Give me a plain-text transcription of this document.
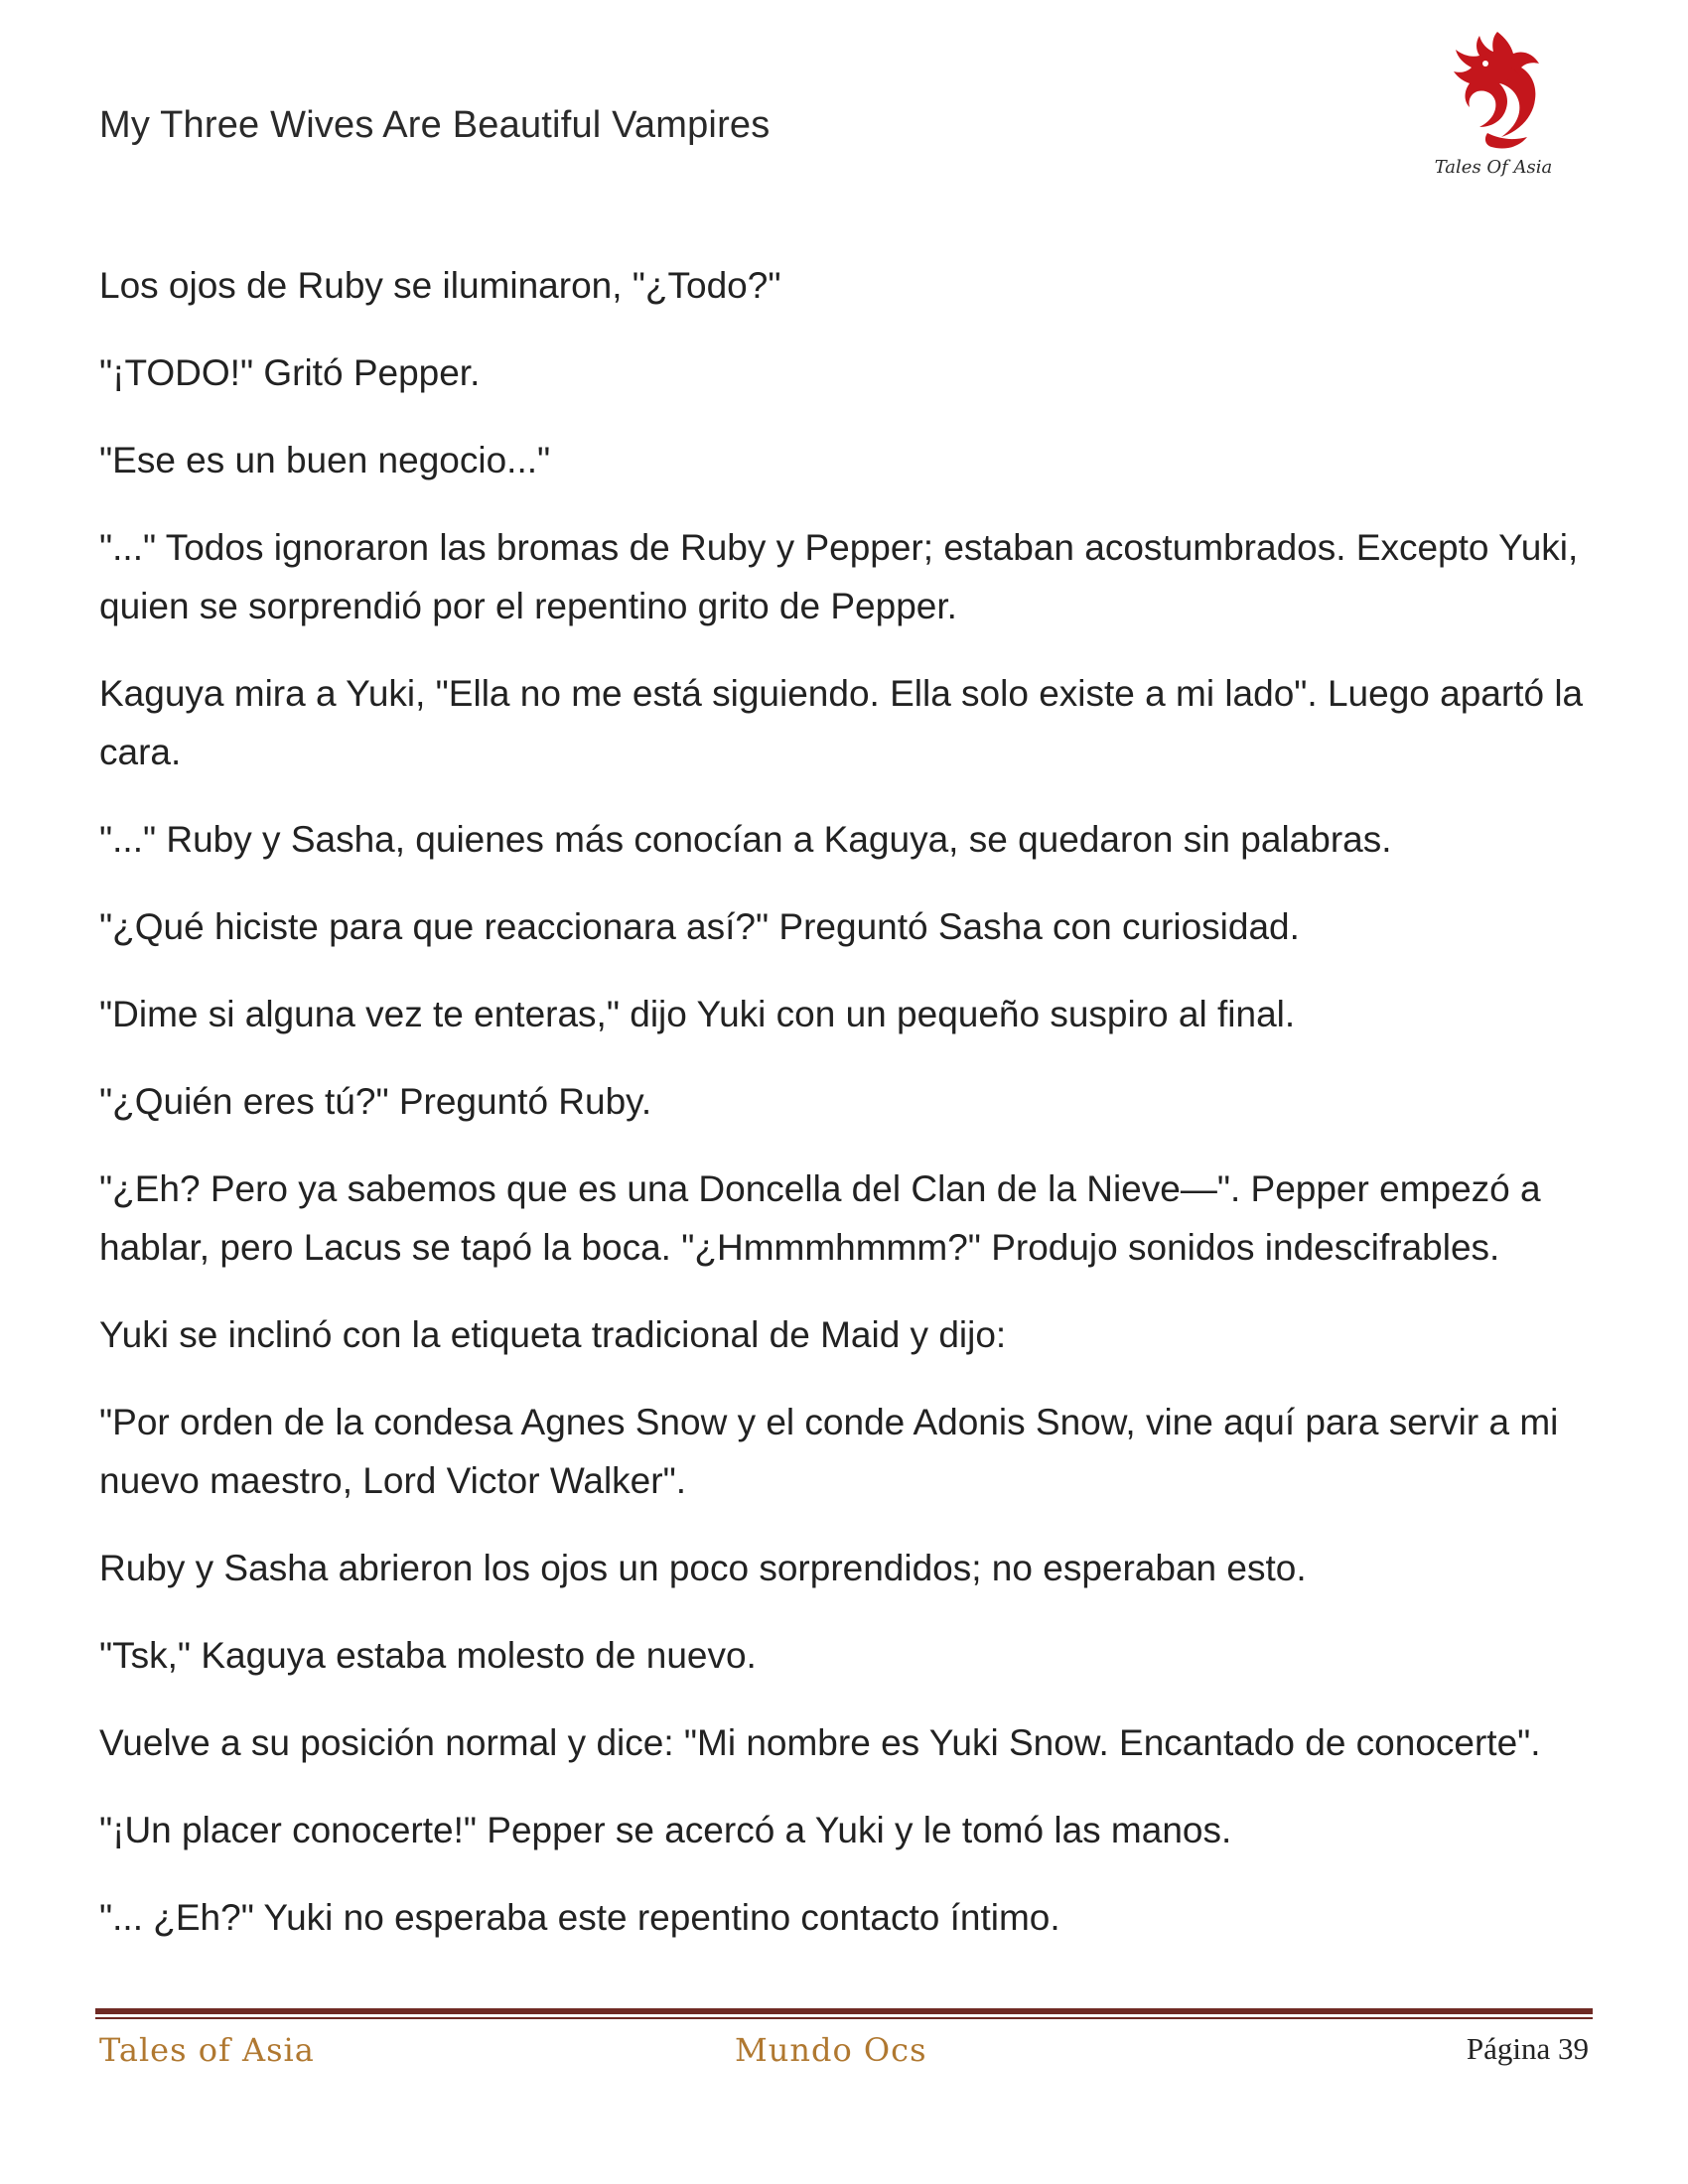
My Three Wives Are Beautiful Vampires
Tales Of Asia

Los ojos de Ruby se iluminaron, "¿Todo?"

"¡TODO!" Gritó Pepper.

"Ese es un buen negocio..."

"..." Todos ignoraron las bromas de Ruby y Pepper; estaban acostumbrados. Excepto Yuki, quien se sorprendió por el repentino grito de Pepper.

Kaguya mira a Yuki, "Ella no me está siguiendo. Ella solo existe a mi lado". Luego apartó la cara.

"..." Ruby y Sasha, quienes más conocían a Kaguya, se quedaron sin palabras.

"¿Qué hiciste para que reaccionara así?" Preguntó Sasha con curiosidad.

"Dime si alguna vez te enteras," dijo Yuki con un pequeño suspiro al final.

"¿Quién eres tú?" Preguntó Ruby.

"¿Eh? Pero ya sabemos que es una Doncella del Clan de la Nieve—". Pepper empezó a hablar, pero Lacus se tapó la boca. "¿Hmmmhmmm?" Produjo sonidos indescifrables.

Yuki se inclinó con la etiqueta tradicional de Maid y dijo:

"Por orden de la condesa Agnes Snow y el conde Adonis Snow, vine aquí para servir a mi nuevo maestro, Lord Victor Walker".

Ruby y Sasha abrieron los ojos un poco sorprendidos; no esperaban esto.

"Tsk," Kaguya estaba molesto de nuevo.

Vuelve a su posición normal y dice: "Mi nombre es Yuki Snow. Encantado de conocerte".

"¡Un placer conocerte!" Pepper se acercó a Yuki y le tomó las manos.

"... ¿Eh?" Yuki no esperaba este repentino contacto íntimo.

Tales of Asia	Mundo Ocs	Página 39
